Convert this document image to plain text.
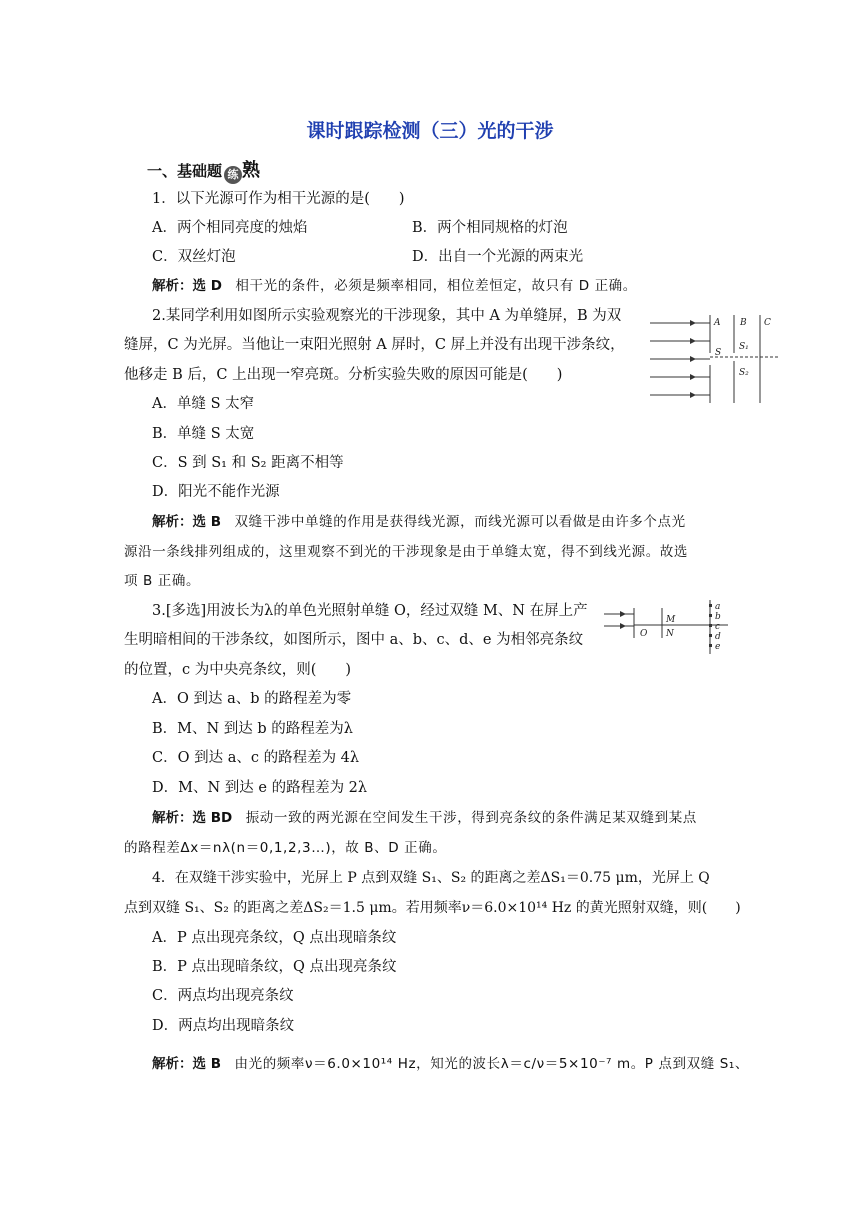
课时跟踪检测（三）光的干涉
一、基础题 练 熟
1．以下光源可作为相干光源的是(　　)
A．两个相同亮度的烛焰	B．两个相同规格的灯泡
C．双丝灯泡	D．出自一个光源的两束光
解析：选 D　 相干光的条件，必须是频率相同，相位差恒定，故只有 D 正确。
2.某同学利用如图所示实验观察光的干涉现象，其中 A 为单缝屏，B 为双
缝屏，C 为光屏。当他让一束阳光照射 A 屏时，C 屏上并没有出现干涉条纹，
他移走 B 后，C 上出现一窄亮斑。分析实验失败的原因可能是(　　)
A B C
S
S₁
S₂
A．单缝 S 太窄
B．单缝 S 太宽
C．S 到 S₁ 和 S₂ 距离不相等
D．阳光不能作光源
解析：选 B　 双缝干涉中单缝的作用是获得线光源，而线光源可以看做是由许多个点光
源沿一条线排列组成的，这里观察不到光的干涉现象是由于单缝太宽，得不到线光源。故选
项 B 正确。
3.[多选]用波长为λ的单色光照射单缝 O，经过双缝 M、N 在屏上产
生明暗相间的干涉条纹，如图所示，图中 a、b、c、d、e 为相邻亮条纹
的位置，c 为中央亮条纹，则(　　)
O
M
N
a
b
c
d
e
A．O 到达 a、b 的路程差为零
B．M、N 到达 b 的路程差为λ
C．O 到达 a、c 的路程差为 4λ
D．M、N 到达 e 的路程差为 2λ
解析：选 BD　 振动一致的两光源在空间发生干涉，得到亮条纹的条件满足某双缝到某点
的路程差Δx＝nλ(n＝0,1,2,3…)，故 B、D 正确。
4．在双缝干涉实验中，光屏上 P 点到双缝 S₁、S₂ 的距离之差ΔS₁＝0.75 μm，光屏上 Q
点到双缝 S₁、S₂ 的距离之差ΔS₂＝1.5 μm。若用频率ν＝6.0×10¹⁴ Hz 的黄光照射双缝，则(　　)
A．P 点出现亮条纹，Q 点出现暗条纹
B．P 点出现暗条纹，Q 点出现亮条纹
C．两点均出现亮条纹
D．两点均出现暗条纹
解析：选 B　 由光的频率ν＝6.0×10¹⁴ Hz，知光的波长λ＝c/ν＝5×10⁻⁷ m。P 点到双缝 S₁、
